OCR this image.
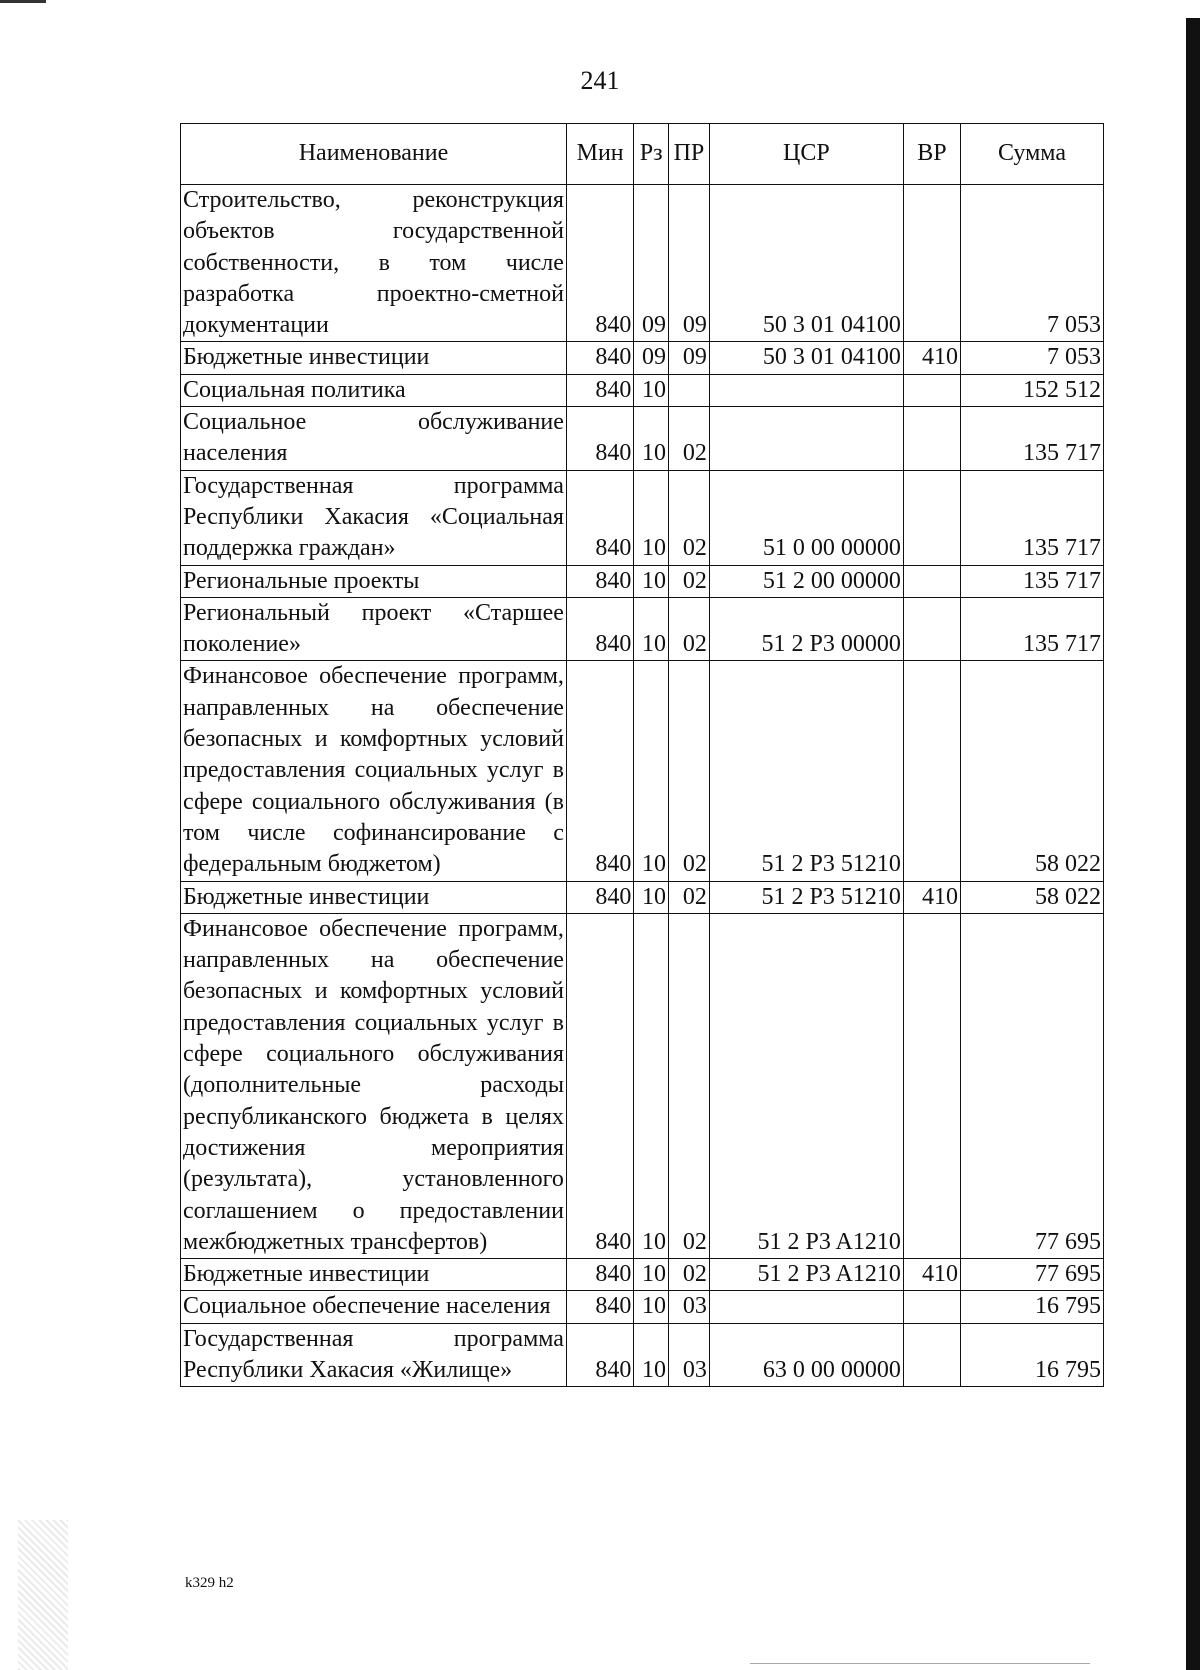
241
Наименование	Мин	Рз	ПР	ЦСР	ВР	Сумма
Строительство, реконструкция объектов государственной собственности, в том числе разработка проектно-сметной документации	840	09	09	50 3 01 04100		7 053
Бюджетные инвестиции	840	09	09	50 3 01 04100	410	7 053
Социальная политика	840	10				152 512
Социальное обслуживание населения	840	10	02			135 717
Государственная программа Республики Хакасия «Социальная поддержка граждан»	840	10	02	51 0 00 00000		135 717
Региональные проекты	840	10	02	51 2 00 00000		135 717
Региональный проект «Старшее поколение»	840	10	02	51 2 P3 00000		135 717
Финансовое обеспечение программ, направленных на обеспечение безопасных и комфортных условий предоставления социальных услуг в сфере социального обслуживания (в том числе софинансирование с федеральным бюджетом)	840	10	02	51 2 P3 51210		58 022
Бюджетные инвестиции	840	10	02	51 2 P3 51210	410	58 022
Финансовое обеспечение программ, направленных на обеспечение безопасных и комфортных условий предоставления социальных услуг в сфере социального обслуживания (дополнительные расходы республиканского бюджета в целях достижения мероприятия (результата), установленного соглашением о предоставлении межбюджетных трансфертов)	840	10	02	51 2 P3 A1210		77 695
Бюджетные инвестиции	840	10	02	51 2 P3 A1210	410	77 695
Социальное обеспечение населения	840	10	03			16 795
Государственная программа Республики Хакасия «Жилище»	840	10	03	63 0 00 00000		16 795
k329 h2
